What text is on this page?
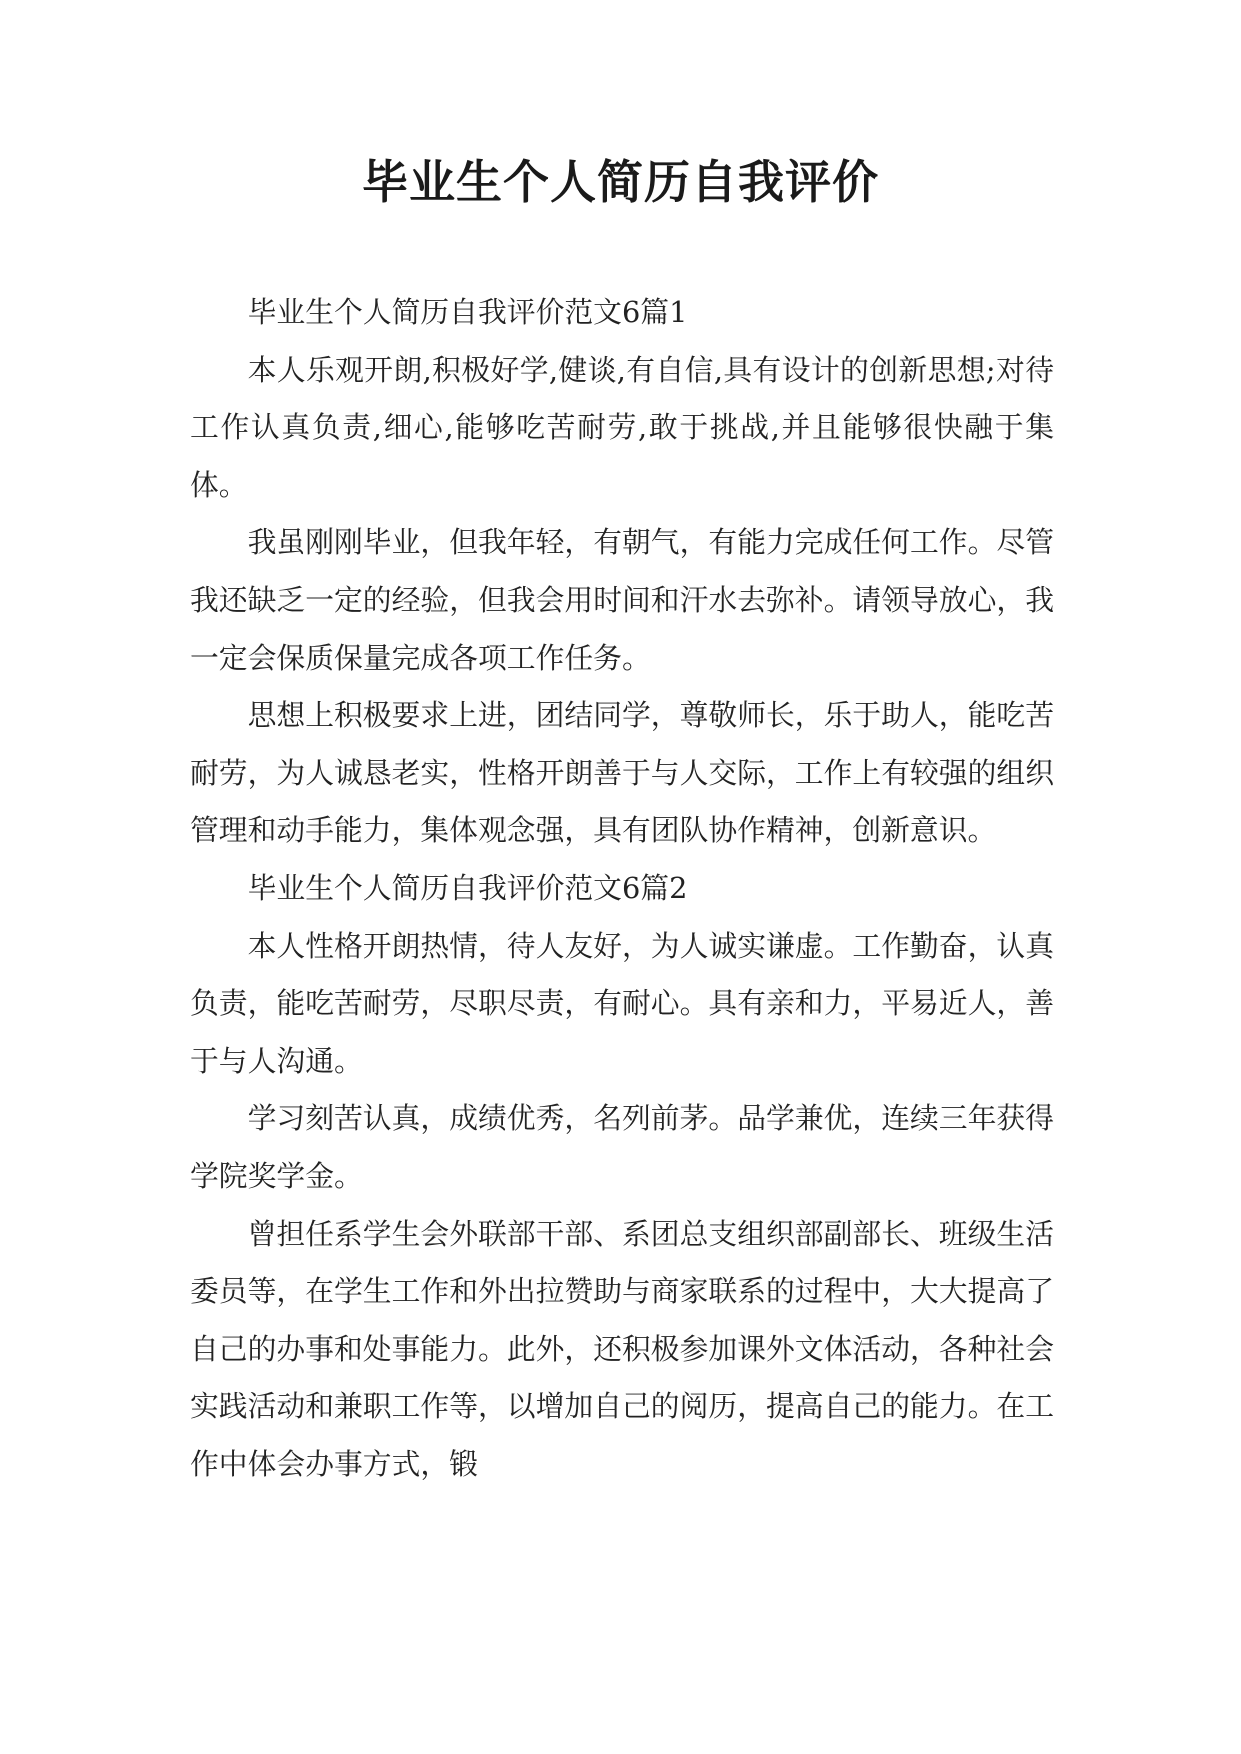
毕业生个人简历自我评价

毕业生个人简历自我评价范文6篇1

本人乐观开朗,积极好学,健谈,有自信,具有设计的创新思想;对待工作认真负责,细心,能够吃苦耐劳,敢于挑战,并且能够很快融于集体。

我虽刚刚毕业，但我年轻，有朝气，有能力完成任何工作。尽管我还缺乏一定的经验，但我会用时间和汗水去弥补。请领导放心，我一定会保质保量完成各项工作任务。

思想上积极要求上进，团结同学，尊敬师长，乐于助人，能吃苦耐劳，为人诚恳老实，性格开朗善于与人交际，工作上有较强的组织管理和动手能力，集体观念强，具有团队协作精神，创新意识。

毕业生个人简历自我评价范文6篇2

本人性格开朗热情，待人友好，为人诚实谦虚。工作勤奋，认真负责，能吃苦耐劳，尽职尽责，有耐心。具有亲和力，平易近人，善于与人沟通。

学习刻苦认真，成绩优秀，名列前茅。品学兼优，连续三年获得学院奖学金。

曾担任系学生会外联部干部、系团总支组织部副部长、班级生活委员等，在学生工作和外出拉赞助与商家联系的过程中，大大提高了自己的办事和处事能力。此外，还积极参加课外文体活动，各种社会实践活动和兼职工作等，以增加自己的阅历，提高自己的能力。在工作中体会办事方式，锻
